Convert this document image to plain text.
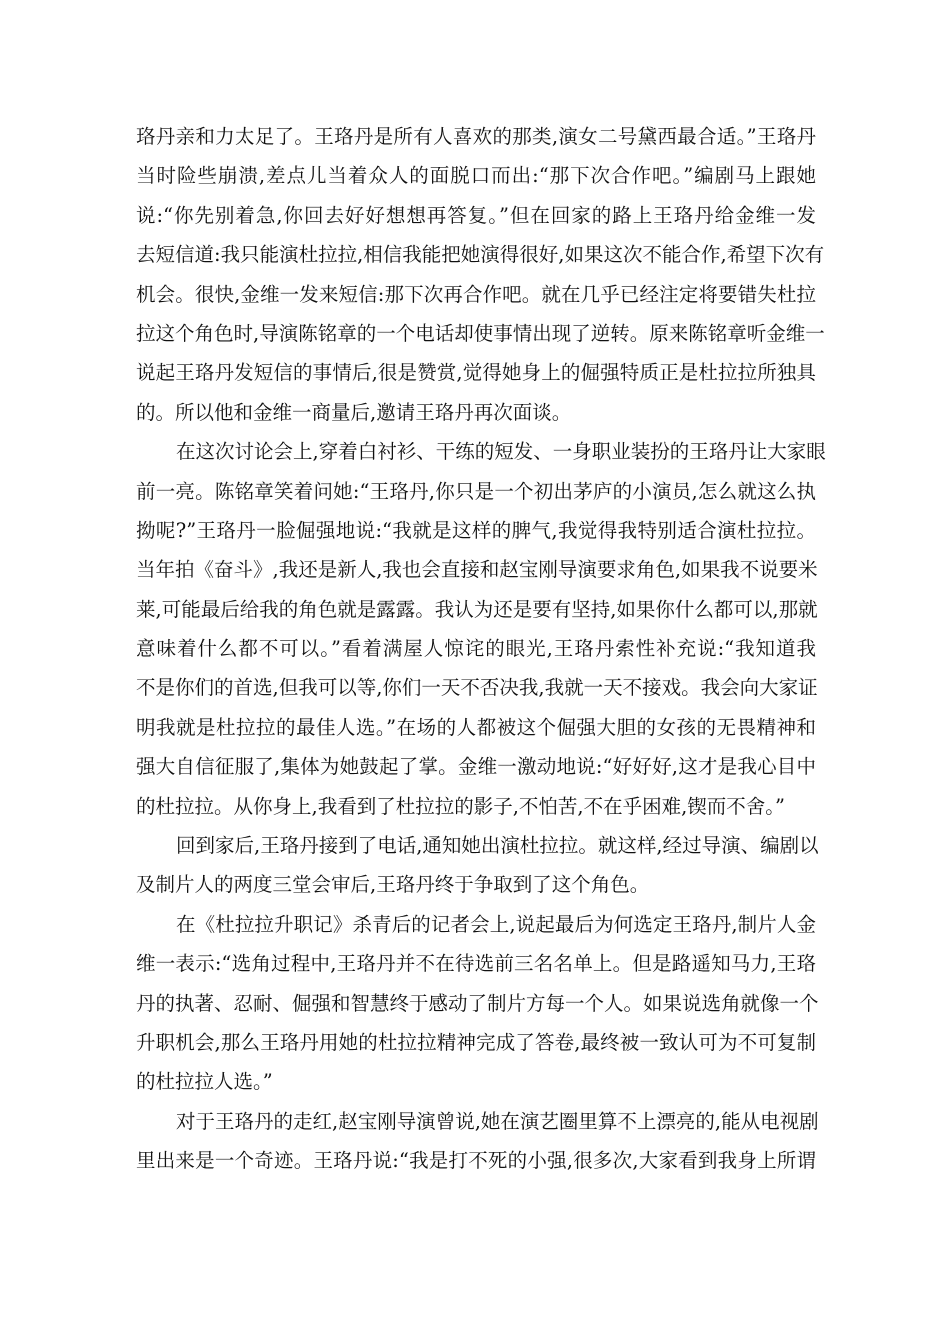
珞丹亲和力太足了。王珞丹是所有人喜欢的那类,演女二号黛西最合适。”王珞丹
当时险些崩溃,差点儿当着众人的面脱口而出:“那下次合作吧。”编剧马上跟她
说:“你先别着急,你回去好好想想再答复。”但在回家的路上王珞丹给金维一发
去短信道:我只能演杜拉拉,相信我能把她演得很好,如果这次不能合作,希望下次有
机会。很快,金维一发来短信:那下次再合作吧。就在几乎已经注定将要错失杜拉
拉这个角色时,导演陈铭章的一个电话却使事情出现了逆转。原来陈铭章听金维一
说起王珞丹发短信的事情后,很是赞赏,觉得她身上的倔强特质正是杜拉拉所独具
的。所以他和金维一商量后,邀请王珞丹再次面谈。
在这次讨论会上,穿着白衬衫、干练的短发、一身职业装扮的王珞丹让大家眼
前一亮。陈铭章笑着问她:“王珞丹,你只是一个初出茅庐的小演员,怎么就这么执
拗呢?”王珞丹一脸倔强地说:“我就是这样的脾气,我觉得我特别适合演杜拉拉。
当年拍《奋斗》,我还是新人,我也会直接和赵宝刚导演要求角色,如果我不说要米
莱,可能最后给我的角色就是露露。我认为还是要有坚持,如果你什么都可以,那就
意味着什么都不可以。”看着满屋人惊诧的眼光,王珞丹索性补充说:“我知道我
不是你们的首选,但我可以等,你们一天不否决我,我就一天不接戏。我会向大家证
明我就是杜拉拉的最佳人选。”在场的人都被这个倔强大胆的女孩的无畏精神和
强大自信征服了,集体为她鼓起了掌。金维一激动地说:“好好好,这才是我心目中
的杜拉拉。从你身上,我看到了杜拉拉的影子,不怕苦,不在乎困难,锲而不舍。”
回到家后,王珞丹接到了电话,通知她出演杜拉拉。就这样,经过导演、编剧以
及制片人的两度三堂会审后,王珞丹终于争取到了这个角色。
在《杜拉拉升职记》杀青后的记者会上,说起最后为何选定王珞丹,制片人金
维一表示:“选角过程中,王珞丹并不在待选前三名名单上。但是路遥知马力,王珞
丹的执著、忍耐、倔强和智慧终于感动了制片方每一个人。如果说选角就像一个
升职机会,那么王珞丹用她的杜拉拉精神完成了答卷,最终被一致认可为不可复制
的杜拉拉人选。”
对于王珞丹的走红,赵宝刚导演曾说,她在演艺圈里算不上漂亮的,能从电视剧
里出来是一个奇迹。王珞丹说:“我是打不死的小强,很多次,大家看到我身上所谓
